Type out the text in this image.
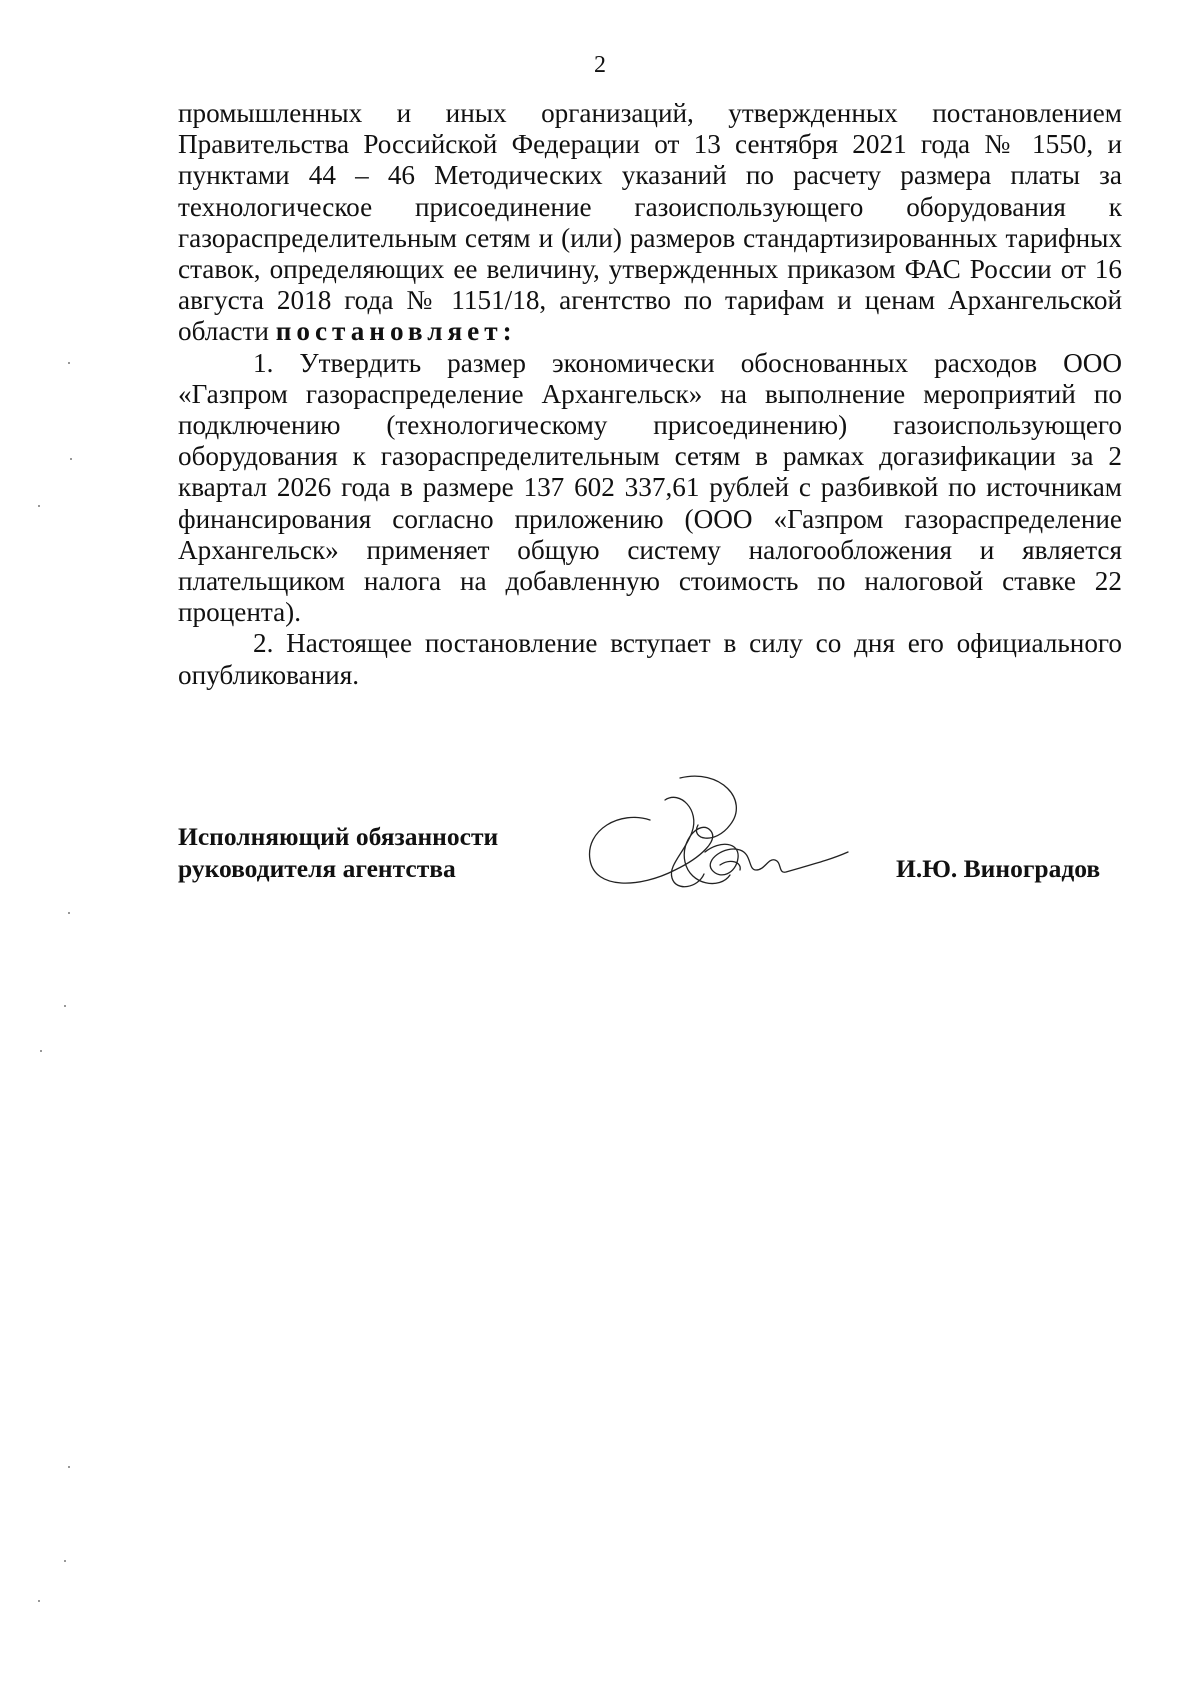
2

промышленных и иных организаций, утвержденных постановлением Правительства Российской Федерации от 13 сентября 2021 года № 1550, и пунктами 44 – 46 Методических указаний по расчету размера платы за технологическое присоединение газоиспользующего оборудования к газораспределительным сетям и (или) размеров стандартизированных тарифных ставок, определяющих ее величину, утвержденных приказом ФАС России от 16 августа 2018 года № 1151/18, агентство по тарифам и ценам Архангельской области постановляет:

1. Утвердить размер экономически обоснованных расходов ООО «Газпром газораспределение Архангельск» на выполнение мероприятий по подключению (технологическому присоединению) газоиспользующего оборудования к газораспределительным сетям в рамках догазификации за 2 квартал 2026 года в размере 137 602 337,61 рублей с разбивкой по источникам финансирования согласно приложению (ООО «Газпром газораспределение Архангельск» применяет общую систему налогообложения и является плательщиком налога на добавленную стоимость по налоговой ставке 22 процента).

2. Настоящее постановление вступает в силу со дня его официального опубликования.

Исполняющий обязанности
руководителя агентства	И.Ю. Виноградов
